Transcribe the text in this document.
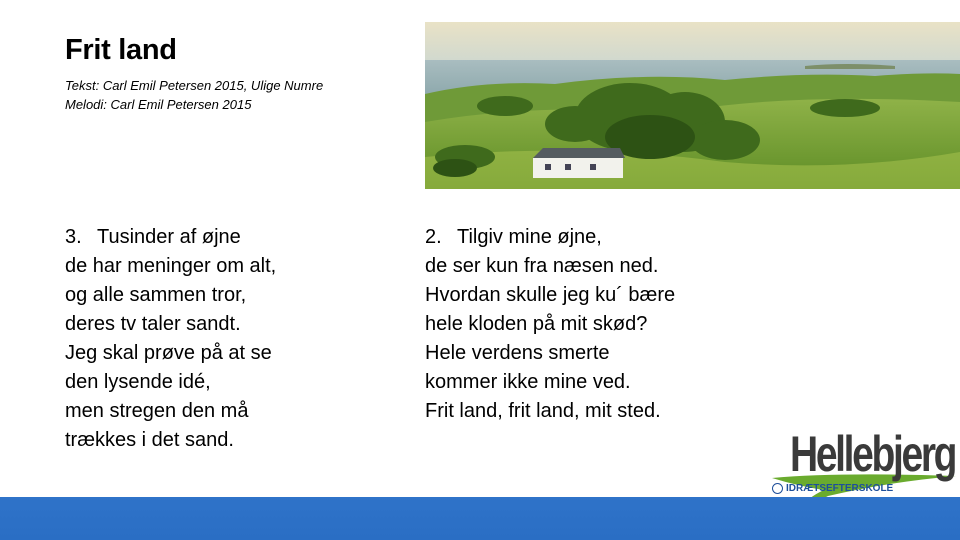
Frit land
Tekst: Carl Emil Petersen 2015, Ulige Numre
Melodi: Carl Emil Petersen 2015
3. Tusinder af øjne
de har meninger om alt,
og alle sammen tror,
deres tv taler sandt.
Jeg skal prøve på at se
den lysende idé,
men stregen den må
trækkes i det sand.
2. Tilgiv mine øjne,
de ser kun fra næsen ned.
Hvordan skulle jeg ku´ bære
hele kloden på mit skød?
Hele verdens smerte
kommer ikke mine ved.
Frit land, frit land, mit sted.
Hellebjerg
IDRÆTSEFTERSKOLE
